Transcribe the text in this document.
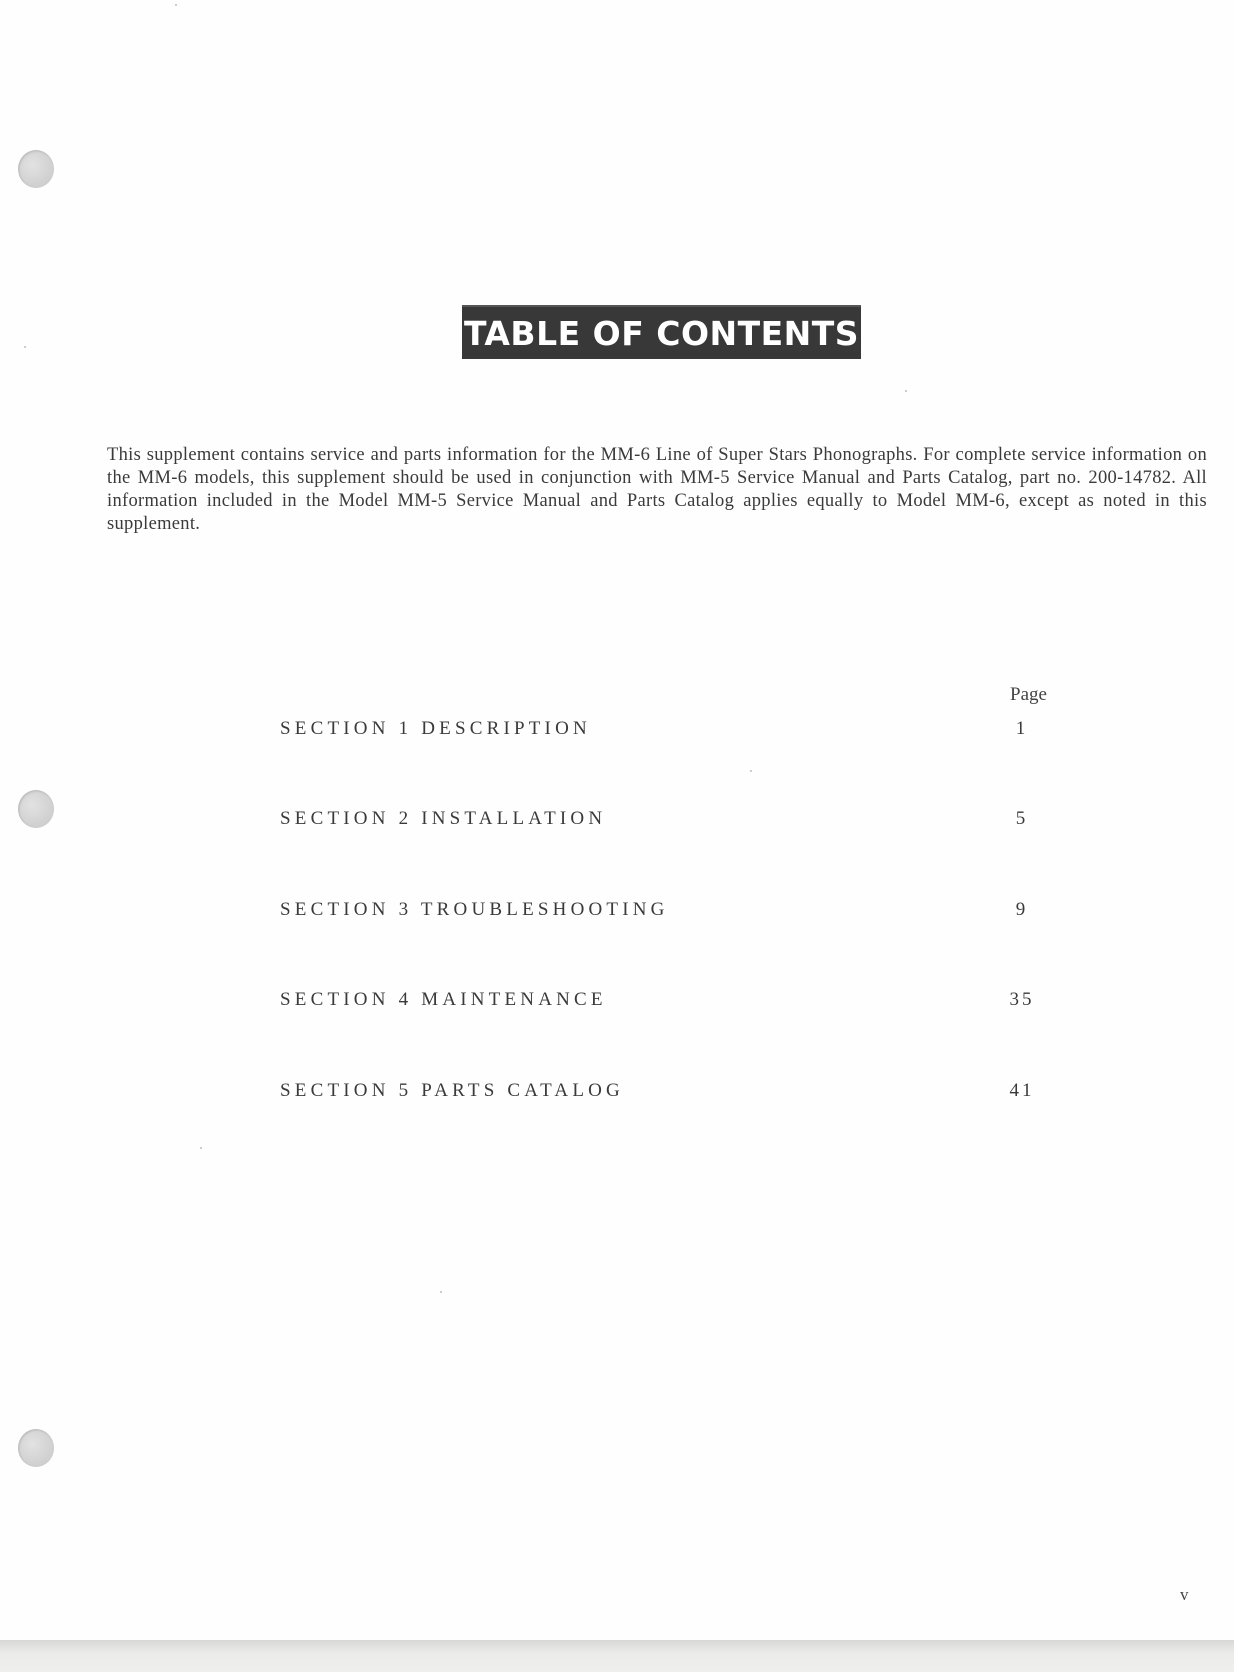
TABLE OF CONTENTS
This supplement contains service and parts information for the MM-6 Line of Super Stars Phonographs. For complete service information on the MM-6 models, this supplement should be used in conjunction with MM-5 Service Manual and Parts Catalog, part no. 200-14782. All information included in the Model MM-5 Service Manual and Parts Catalog applies equally to Model MM-6, except as noted in this supplement.
Page
SECTION 1 DESCRIPTION	1
SECTION 2 INSTALLATION	5
SECTION 3 TROUBLESHOOTING	9
SECTION 4 MAINTENANCE	35
SECTION 5 PARTS CATALOG	41
v
